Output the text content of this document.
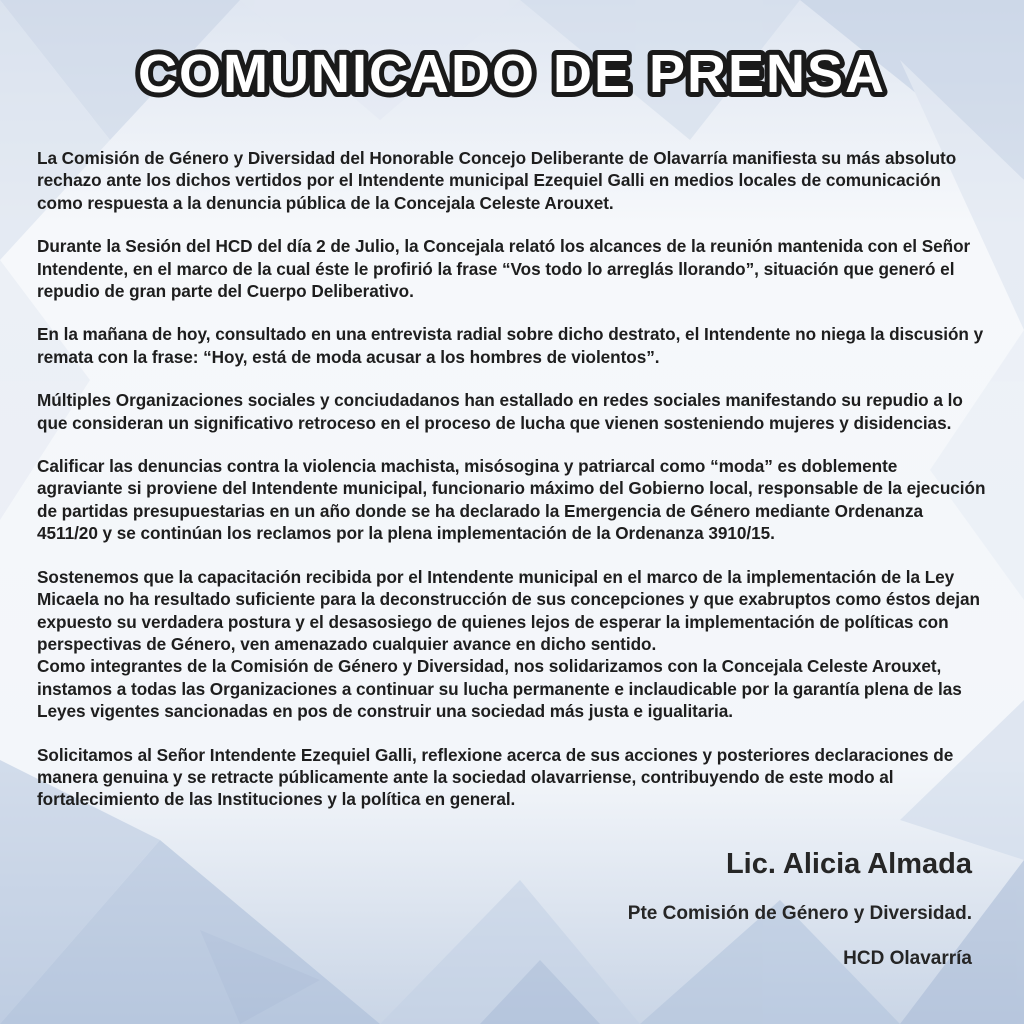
COMUNICADO DE PRENSA

La Comisión de Género y Diversidad del Honorable Concejo Deliberante de Olavarría manifiesta su más absoluto rechazo ante los dichos vertidos por el Intendente municipal Ezequiel Galli en medios locales de comunicación como respuesta a la denuncia pública de la Concejala Celeste Arouxet.

Durante la Sesión del HCD del día 2 de Julio, la Concejala relató los alcances de la reunión mantenida con el Señor Intendente, en el marco de la cual éste le profirió la frase “Vos todo lo arreglás llorando”, situación que generó el repudio de gran parte del Cuerpo Deliberativo.

En la mañana de hoy, consultado en una entrevista radial sobre dicho destrato, el Intendente no niega la discusión y remata con la frase: “Hoy, está de moda acusar a los hombres de violentos”.

Múltiples Organizaciones sociales y conciudadanos han estallado en redes sociales manifestando su repudio a lo que consideran un significativo retroceso en el proceso de lucha que vienen sosteniendo mujeres y disidencias.

Calificar las denuncias contra la violencia machista, misósogina y patriarcal como “moda” es doblemente agraviante si proviene del Intendente municipal, funcionario máximo del Gobierno local, responsable de la ejecución de partidas presupuestarias en un año donde se ha declarado la Emergencia de Género mediante Ordenanza 4511/20 y se continúan los reclamos por la plena implementación de la Ordenanza 3910/15.

Sostenemos que la capacitación recibida por el Intendente municipal en el marco de la implementación de la Ley Micaela no ha resultado suficiente para la deconstrucción de sus concepciones y que exabruptos como éstos dejan expuesto su verdadera postura y el desasosiego de quienes lejos de esperar la implementación de políticas con perspectivas de Género, ven amenazado cualquier avance en dicho sentido.

Como integrantes de la Comisión de Género y Diversidad, nos solidarizamos con la Concejala Celeste Arouxet, instamos a todas las Organizaciones a continuar su lucha permanente e inclaudicable por la garantía plena de las Leyes vigentes sancionadas en pos de construir una sociedad más justa e igualitaria.

Solicitamos al Señor Intendente Ezequiel Galli, reflexione acerca de sus acciones y posteriores declaraciones de manera genuina y se retracte públicamente ante la sociedad olavarriense, contribuyendo de este modo al fortalecimiento de las Instituciones y la política en general.

Lic. Alicia Almada
Pte Comisión de Género y Diversidad.
HCD Olavarría
